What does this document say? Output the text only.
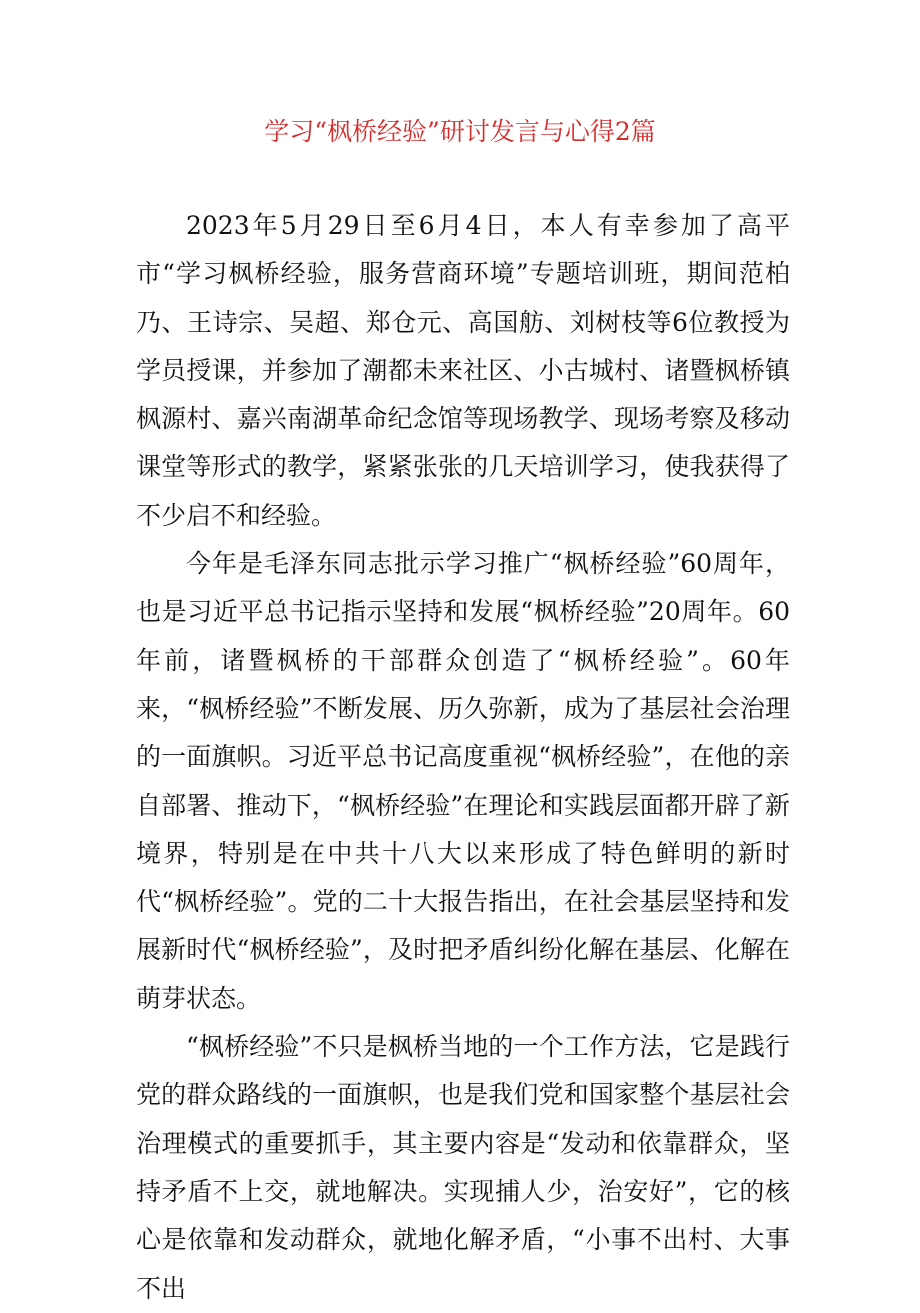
学习“枫桥经验”研讨发言与心得2篇

2023年5月29日至6月4日，本人有幸参加了高平市“学习枫桥经验，服务营商环境”专题培训班，期间范柏乃、王诗宗、吴超、郑仓元、高国舫、刘树枝等6位教授为学员授课，并参加了潮都未来社区、小古城村、诸暨枫桥镇枫源村、嘉兴南湖革命纪念馆等现场教学、现场考察及移动课堂等形式的教学，紧紧张张的几天培训学习，使我获得了不少启不和经验。

今年是毛泽东同志批示学习推广“枫桥经验”60周年，也是习近平总书记指示坚持和发展“枫桥经验”20周年。60年前，诸暨枫桥的干部群众创造了“枫桥经验”。60年来，“枫桥经验”不断发展、历久弥新，成为了基层社会治理的一面旗帜。习近平总书记高度重视“枫桥经验”，在他的亲自部署、推动下，“枫桥经验”在理论和实践层面都开辟了新境界，特别是在中共十八大以来形成了特色鲜明的新时代“枫桥经验”。党的二十大报告指出，在社会基层坚持和发展新时代“枫桥经验”，及时把矛盾纠纷化解在基层、化解在萌芽状态。

“枫桥经验”不只是枫桥当地的一个工作方法，它是践行党的群众路线的一面旗帜，也是我们党和国家整个基层社会治理模式的重要抓手，其主要内容是“发动和依靠群众，坚持矛盾不上交，就地解决。实现捕人少，治安好”，它的核心是依靠和发动群众，就地化解矛盾，“小事不出村、大事不出
